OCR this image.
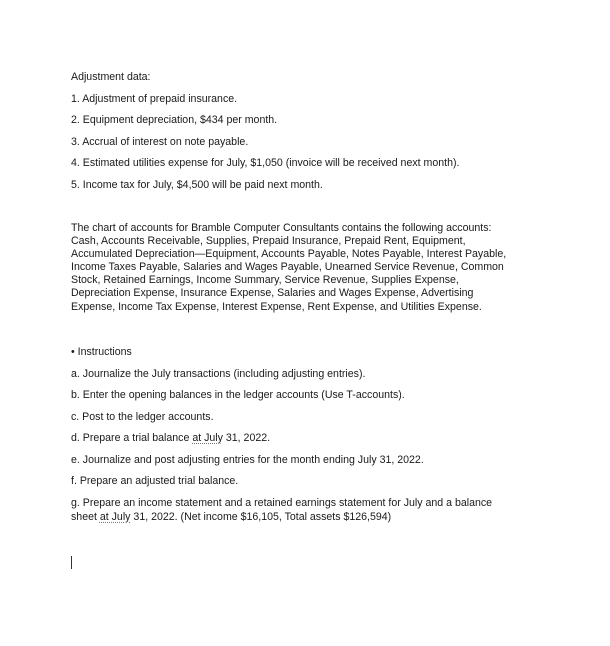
Adjustment data:
1. Adjustment of prepaid insurance.
2. Equipment depreciation, $434 per month.
3. Accrual of interest on note payable.
4. Estimated utilities expense for July, $1,050 (invoice will be received next month).
5. Income tax for July, $4,500 will be paid next month.

The chart of accounts for Bramble Computer Consultants contains the following accounts:

Cash, Accounts Receivable, Supplies, Prepaid Insurance, Prepaid Rent, Equipment,

Accumulated Depreciation—Equipment, Accounts Payable, Notes Payable, Interest Payable,

Income Taxes Payable, Salaries and Wages Payable, Unearned Service Revenue, Common

Stock, Retained Earnings, Income Summary, Service Revenue, Supplies Expense,

Depreciation Expense, Insurance Expense, Salaries and Wages Expense, Advertising

Expense, Income Tax Expense, Interest Expense, Rent Expense, and Utilities Expense.

• Instructions
a. Journalize the July transactions (including adjusting entries).
b. Enter the opening balances in the ledger accounts (Use T-accounts).
c. Post to the ledger accounts.
d. Prepare a trial balance at July 31, 2022.
e. Journalize and post adjusting entries for the month ending July 31, 2022.
f. Prepare an adjusted trial balance.
g. Prepare an income statement and a retained earnings statement for July and a balance
sheet at July 31, 2022. (Net income $16,105, Total assets $126,594)
